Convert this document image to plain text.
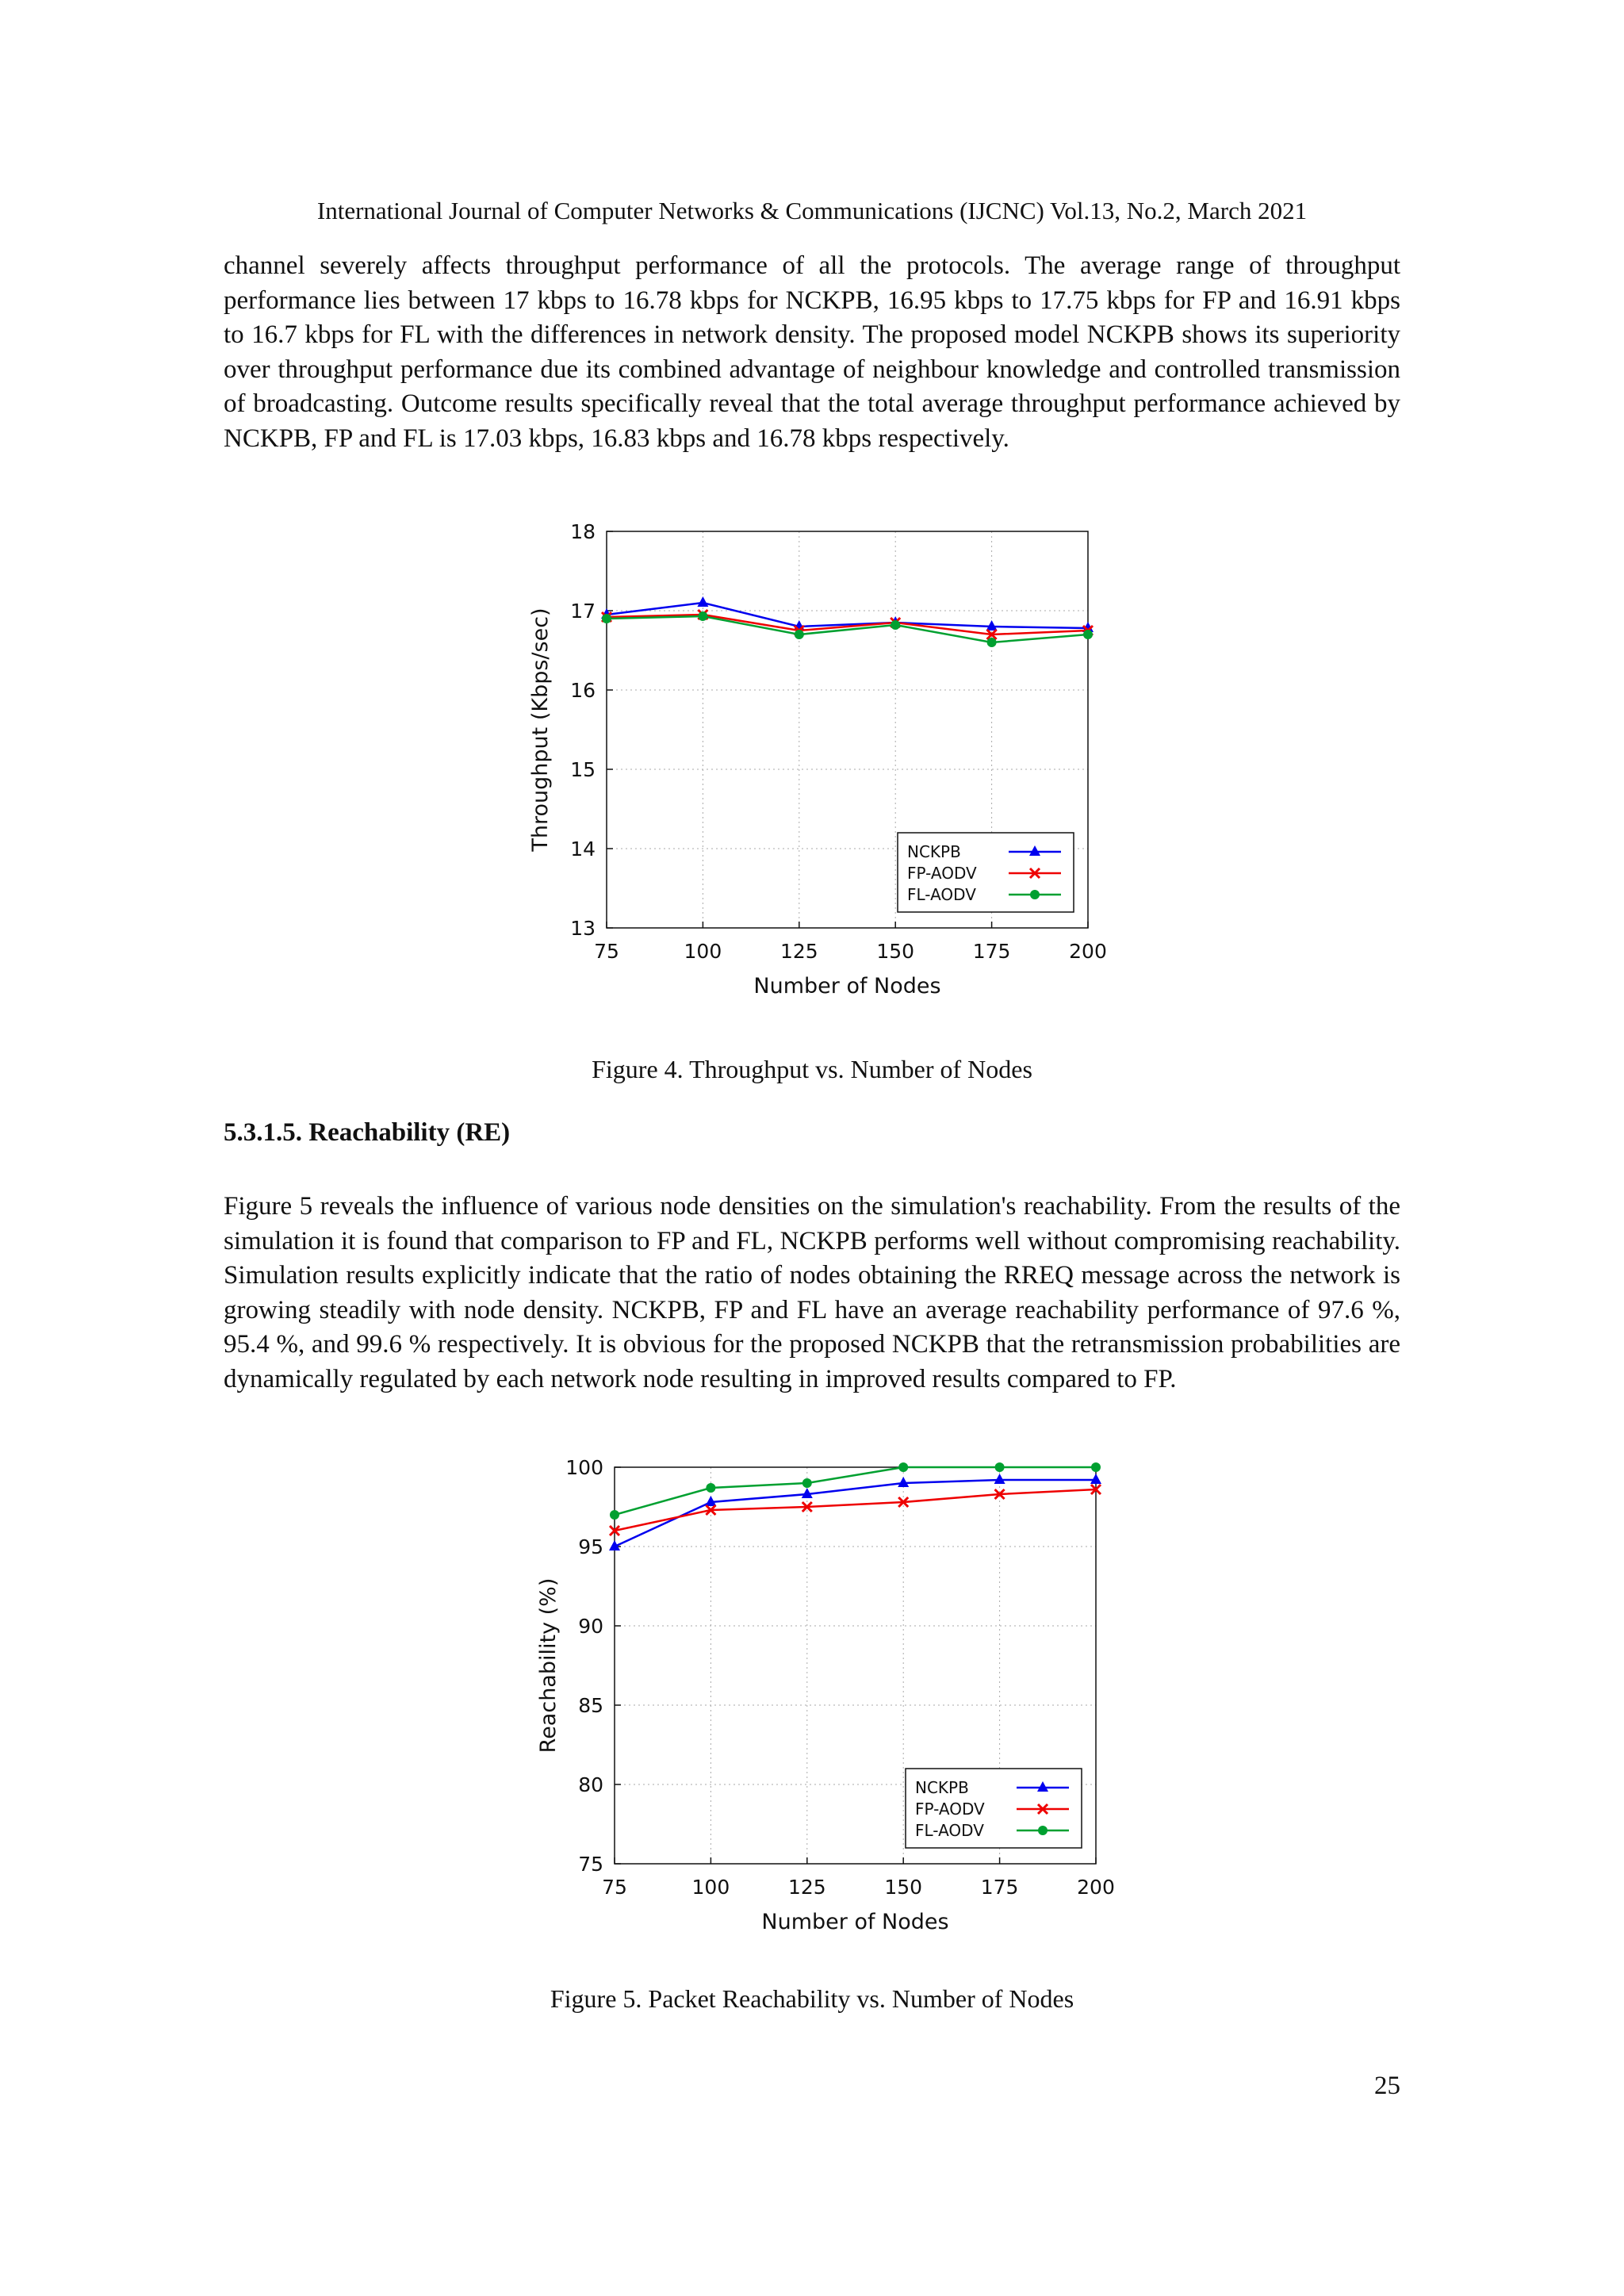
International Journal of Computer Networks & Communications (IJCNC) Vol.13, No.2, March 2021

channel severely affects throughput performance of all the protocols. The average range of throughput performance lies between 17 kbps to 16.78 kbps for NCKPB, 16.95 kbps to 17.75 kbps for FP and 16.91 kbps to 16.7 kbps for FL with the differences in network density. The proposed model NCKPB shows its superiority over throughput performance due its combined advantage of neighbour knowledge and controlled transmission of broadcasting. Outcome results specifically reveal that the total average throughput performance achieved by NCKPB, FP and FL is 17.03 kbps, 16.83 kbps and 16.78 kbps respectively.

75	100	125	150	175	200
13
14
15
16
17
18
Number of Nodes
Throughput (Kbps/sec)
NCKPB
FP-AODV
FL-AODV
Figure 4. Throughput vs. Number of Nodes
5.3.1.5. Reachability (RE)

Figure 5 reveals the influence of various node densities on the simulation's reachability. From the results of the simulation it is found that comparison to FP and FL, NCKPB performs well without compromising reachability. Simulation results explicitly indicate that the ratio of nodes obtaining the RREQ message across the network is growing steadily with node density. NCKPB, FP and FL have an average reachability performance of 97.6 %, 95.4 %, and 99.6 % respectively. It is obvious for the proposed NCKPB that the retransmission probabilities are dynamically regulated by each network node resulting in improved results compared to FP.

75	100	125	150	175	200
75
80
85
90
95
100
Number of Nodes
Reachability (%)
NCKPB
FP-AODV
FL-AODV
Figure 5. Packet Reachability vs. Number of Nodes
25
